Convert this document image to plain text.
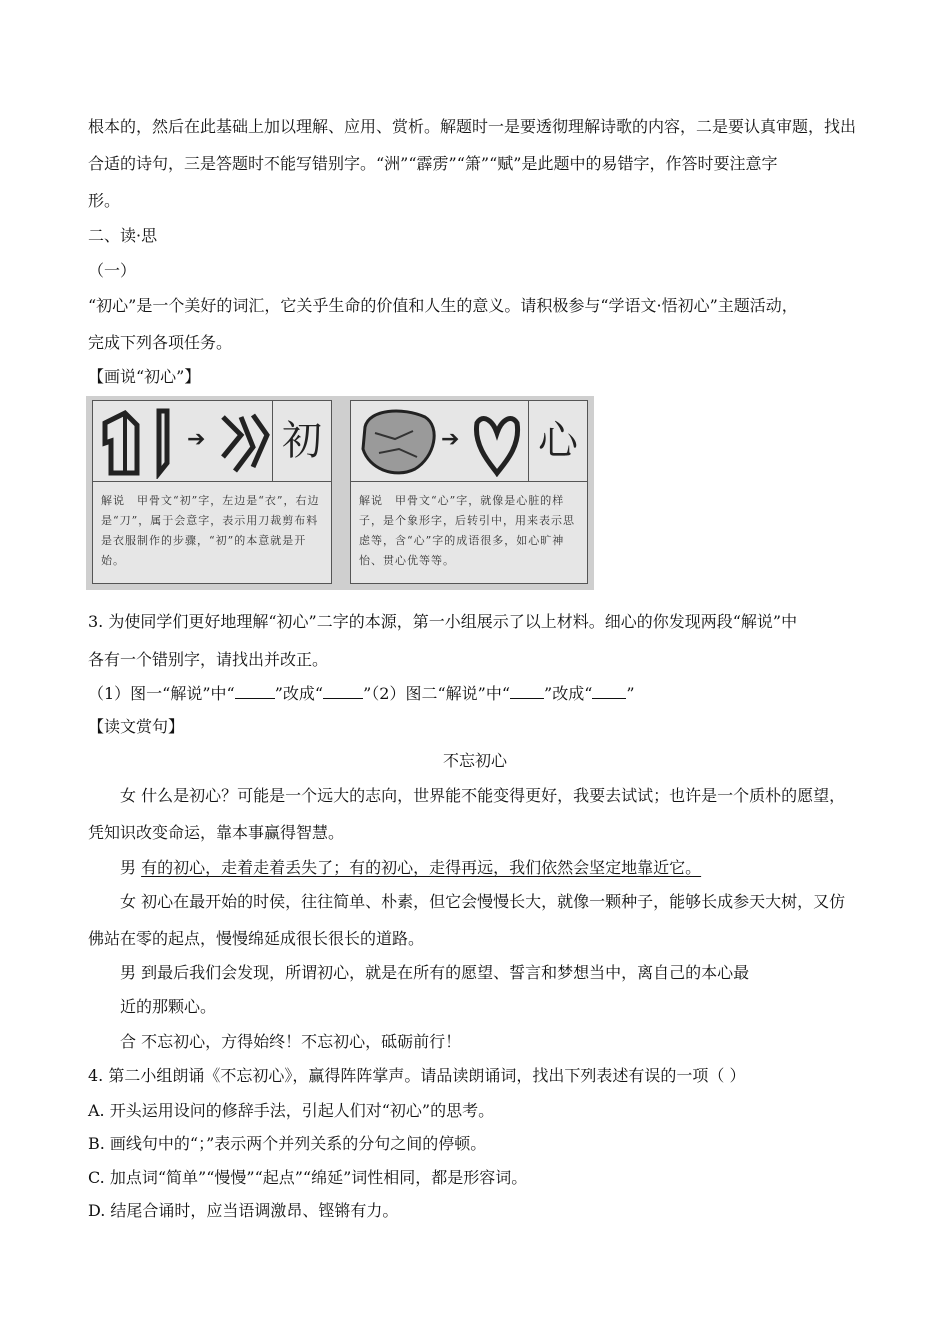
根本的，然后在此基础上加以理解、应用、赏析。解题时一是要透彻理解诗歌的内容，二是要认真审题，找出
合适的诗句，三是答题时不能写错别字。“洲”“霹雳”“箫”“赋”是此题中的易错字，作答时要注意字
形。
二、读·思
（一）
“初心”是一个美好的词汇，它关乎生命的价值和人生的意义。请积极参与“学语文·悟初心”主题活动，
完成下列各项任务。
【画说“初心”】
➔ 初
解说　甲骨文“初”字，左边是“衣”，右边是“刀”，属于会意字，表示用刀裁剪布料是衣服制作的步骤，“初”的本意就是开始。
➔ 心
解说　甲骨文“心”字，就像是心脏的样子，是个象形字，后转引中，用来表示思虑等，含“心”字的成语很多，如心旷神怡、贯心优等等。
3. 为使同学们更好地理解“初心”二字的本源，第一小组展示了以上材料。细心的你发现两段“解说”中
各有一个错别字，请找出并改正。
（1）图一“解说”中“	”改成“	”（2）图二“解说”中“ ”改成“ ”
【读文赏句】
不忘初心
女 什么是初心？可能是一个远大的志向，世界能不能变得更好，我要去试试；也许是一个质朴的愿望，
凭知识改变命运，靠本事赢得智慧。
男 有的初心，走着走着丢失了；有的初心，走得再远，我们依然会坚定地靠近它。
女 初心在最开始的时侯，往往简单、朴素，但它会慢慢长大，就像一颗种子，能够长成参天大树，又仿
佛站在零的起点，慢慢绵延成很长很长的道路。
男 到最后我们会发现，所谓初心，就是在所有的愿望、誓言和梦想当中，离自己的本心最
近的那颗心。
合 不忘初心，方得始终！不忘初心，砥砺前行！
4. 第二小组朗诵《不忘初心》，赢得阵阵掌声。请品读朗诵词，找出下列表述有误的一项（ ）
A. 开头运用设问的修辞手法，引起人们对“初心”的思考。
B. 画线句中的“；”表示两个并列关系的分句之间的停顿。
C. 加点词“简单”“慢慢”“起点”“绵延”词性相同，都是形容词。
D. 结尾合诵时，应当语调激昂、铿锵有力。
